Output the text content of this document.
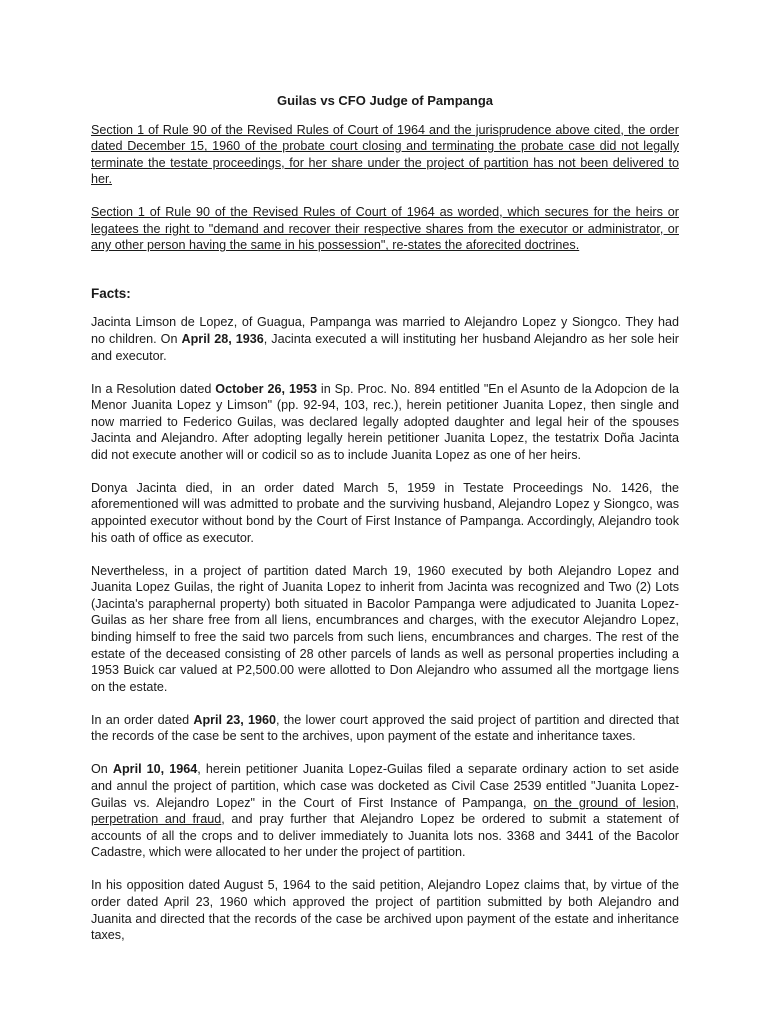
Guilas vs CFO Judge of Pampanga

Section 1 of Rule 90 of the Revised Rules of Court of 1964 and the jurisprudence above cited, the order dated December 15, 1960 of the probate court closing and terminating the probate case did not legally terminate the testate proceedings, for her share under the project of partition has not been delivered to her.

Section 1 of Rule 90 of the Revised Rules of Court of 1964 as worded, which secures for the heirs or legatees the right to "demand and recover their respective shares from the executor or administrator, or any other person having the same in his possession", re-states the aforecited doctrines.

Facts:

Jacinta Limson de Lopez, of Guagua, Pampanga was married to Alejandro Lopez y Siongco. They had no children. On April 28, 1936, Jacinta executed a will instituting her husband Alejandro as her sole heir and executor.

In a Resolution dated October 26, 1953 in Sp. Proc. No. 894 entitled "En el Asunto de la Adopcion de la Menor Juanita Lopez y Limson" (pp. 92-94, 103, rec.), herein petitioner Juanita Lopez, then single and now married to Federico Guilas, was declared legally adopted daughter and legal heir of the spouses Jacinta and Alejandro. After adopting legally herein petitioner Juanita Lopez, the testatrix Doña Jacinta did not execute another will or codicil so as to include Juanita Lopez as one of her heirs.

Donya Jacinta died, in an order dated March 5, 1959 in Testate Proceedings No. 1426, the aforementioned will was admitted to probate and the surviving husband, Alejandro Lopez y Siongco, was appointed executor without bond by the Court of First Instance of Pampanga. Accordingly, Alejandro took his oath of office as executor.

Nevertheless, in a project of partition dated March 19, 1960 executed by both Alejandro Lopez and Juanita Lopez Guilas, the right of Juanita Lopez to inherit from Jacinta was recognized and Two (2) Lots (Jacinta's paraphernal property) both situated in Bacolor Pampanga were adjudicated to Juanita Lopez-Guilas as her share free from all liens, encumbrances and charges, with the executor Alejandro Lopez, binding himself to free the said two parcels from such liens, encumbrances and charges. The rest of the estate of the deceased consisting of 28 other parcels of lands as well as personal properties including a 1953 Buick car valued at P2,500.00 were allotted to Don Alejandro who assumed all the mortgage liens on the estate.

In an order dated April 23, 1960, the lower court approved the said project of partition and directed that the records of the case be sent to the archives, upon payment of the estate and inheritance taxes.

On April 10, 1964, herein petitioner Juanita Lopez-Guilas filed a separate ordinary action to set aside and annul the project of partition, which case was docketed as Civil Case 2539 entitled "Juanita Lopez-Guilas vs. Alejandro Lopez" in the Court of First Instance of Pampanga, on the ground of lesion, perpetration and fraud, and pray further that Alejandro Lopez be ordered to submit a statement of accounts of all the crops and to deliver immediately to Juanita lots nos. 3368 and 3441 of the Bacolor Cadastre, which were allocated to her under the project of partition.

In his opposition dated August 5, 1964 to the said petition, Alejandro Lopez claims that, by virtue of the order dated April 23, 1960 which approved the project of partition submitted by both Alejandro and Juanita and directed that the records of the case be archived upon payment of the estate and inheritance taxes,
